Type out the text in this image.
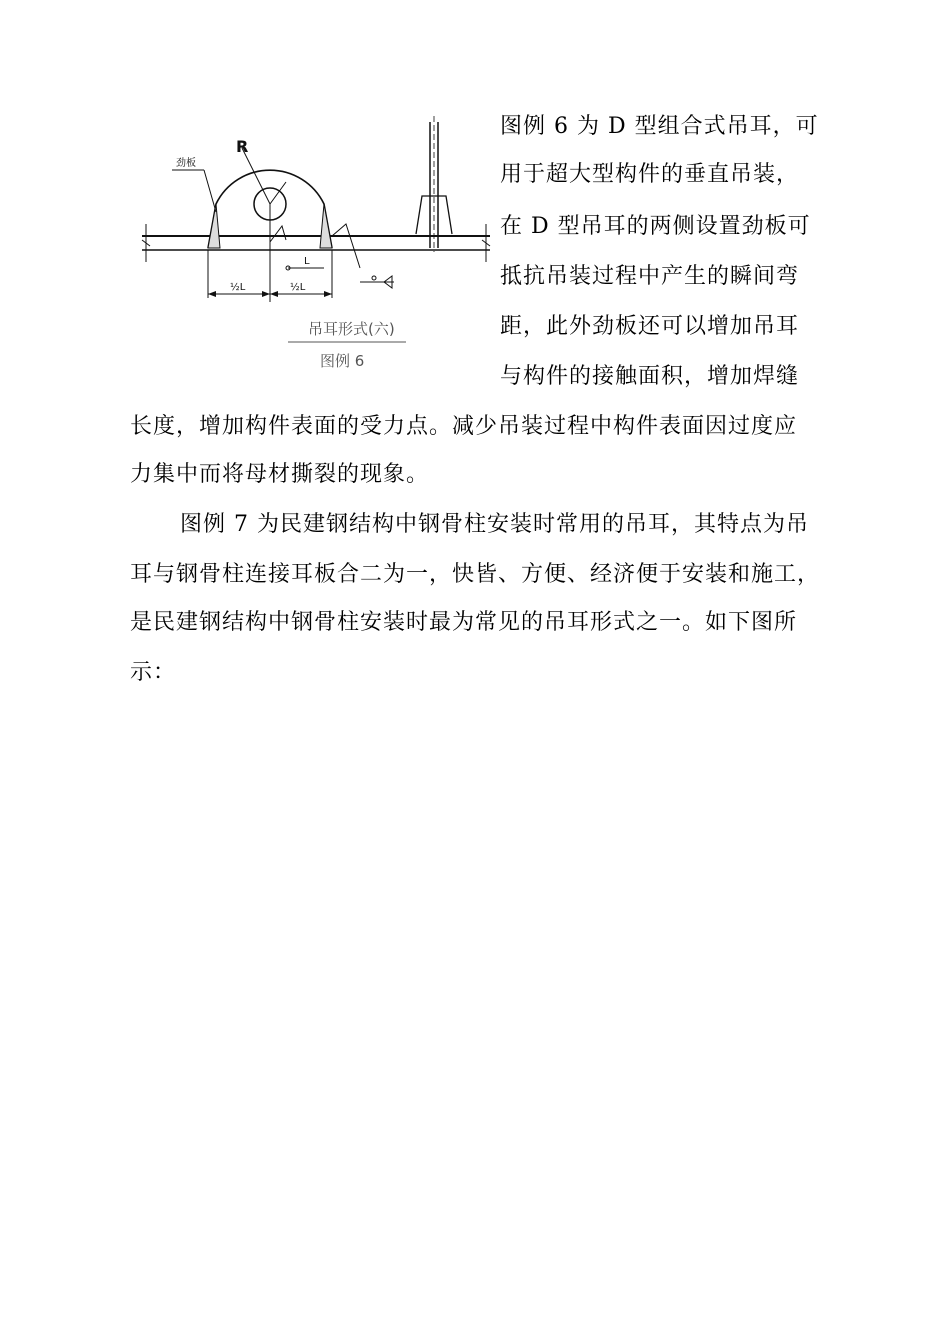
劲板
R
½L	½L
L
吊耳形式(六)
图例 6
图例 6 为 D 型组合式吊耳，可
用于超大型构件的垂直吊装，
在 D 型吊耳的两侧设置劲板可
抵抗吊装过程中产生的瞬间弯
距，此外劲板还可以增加吊耳
与构件的接触面积，增加焊缝
长度，增加构件表面的受力点。减少吊装过程中构件表面因过度应
力集中而将母材撕裂的现象。
图例 7 为民建钢结构中钢骨柱安装时常用的吊耳，其特点为吊
耳与钢骨柱连接耳板合二为一，快皆、方便、经济便于安装和施工，
是民建钢结构中钢骨柱安装时最为常见的吊耳形式之一。如下图所
示：
